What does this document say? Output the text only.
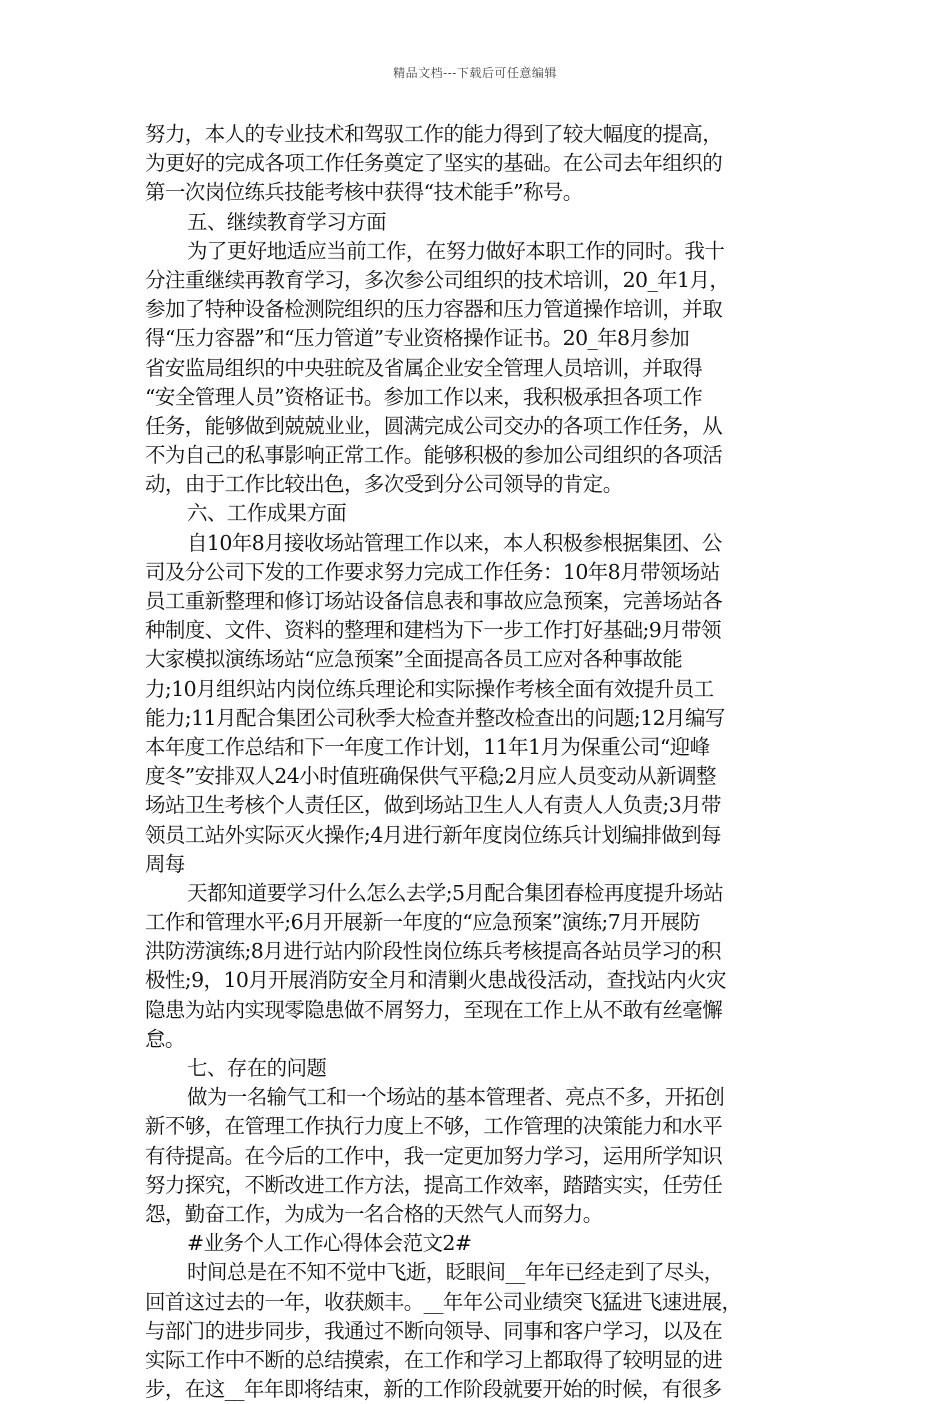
精品文档---下载后可任意编辑
努力，本人的专业技术和驾驭工作的能力得到了较大幅度的提高，
为更好的完成各项工作任务奠定了坚实的基础。在公司去年组织的
第一次岗位练兵技能考核中获得“技术能手”称号。
五、继续教育学习方面
为了更好地适应当前工作，在努力做好本职工作的同时。我十
分注重继续再教育学习，多次参公司组织的技术培训，20_年1月，
参加了特种设备检测院组织的压力容器和压力管道操作培训，并取
得“压力容器”和“压力管道”专业资格操作证书。20_年8月参加
省安监局组织的中央驻皖及省属企业安全管理人员培训，并取得
“安全管理人员”资格证书。参加工作以来，我积极承担各项工作
任务，能够做到兢兢业业，圆满完成公司交办的各项工作任务，从
不为自己的私事影响正常工作。能够积极的参加公司组织的各项活
动，由于工作比较出色，多次受到分公司领导的肯定。
六、工作成果方面
自10年8月接收场站管理工作以来，本人积极参根据集团、公
司及分公司下发的工作要求努力完成工作任务：10年8月带领场站
员工重新整理和修订场站设备信息表和事故应急预案，完善场站各
种制度、文件、资料的整理和建档为下一步工作打好基础;9月带领
大家模拟演练场站“应急预案”全面提高各员工应对各种事故能
力;10月组织站内岗位练兵理论和实际操作考核全面有效提升员工
能力;11月配合集团公司秋季大检查并整改检查出的问题;12月编写
本年度工作总结和下一年度工作计划，11年1月为保重公司“迎峰
度冬”安排双人24小时值班确保供气平稳;2月应人员变动从新调整
场站卫生考核个人责任区，做到场站卫生人人有责人人负责;3月带
领员工站外实际灭火操作;4月进行新年度岗位练兵计划编排做到每
周每
天都知道要学习什么怎么去学;5月配合集团春检再度提升场站
工作和管理水平;6月开展新一年度的“应急预案”演练;7月开展防
洪防涝演练;8月进行站内阶段性岗位练兵考核提高各站员学习的积
极性;9，10月开展消防安全月和清剿火患战役活动，查找站内火灾
隐患为站内实现零隐患做不屑努力，至现在工作上从不敢有丝毫懈
怠。
七、存在的问题
做为一名输气工和一个场站的基本管理者、亮点不多，开拓创
新不够，在管理工作执行力度上不够，工作管理的决策能力和水平
有待提高。在今后的工作中，我一定更加努力学习，运用所学知识
努力探究，不断改进工作方法，提高工作效率，踏踏实实，任劳任
怨，勤奋工作，为成为一名合格的天然气人而努力。
#业务个人工作心得体会范文2#
时间总是在不知不觉中飞逝，眨眼间__年年已经走到了尽头，
回首这过去的一年，收获颇丰。__年年公司业绩突飞猛进飞速进展，
与部门的进步同步，我通过不断向领导、同事和客户学习，以及在
实际工作中不断的总结摸索，在工作和学习上都取得了较明显的进
步，在这__年年即将结束，新的工作阶段就要开始的时候，有很多
